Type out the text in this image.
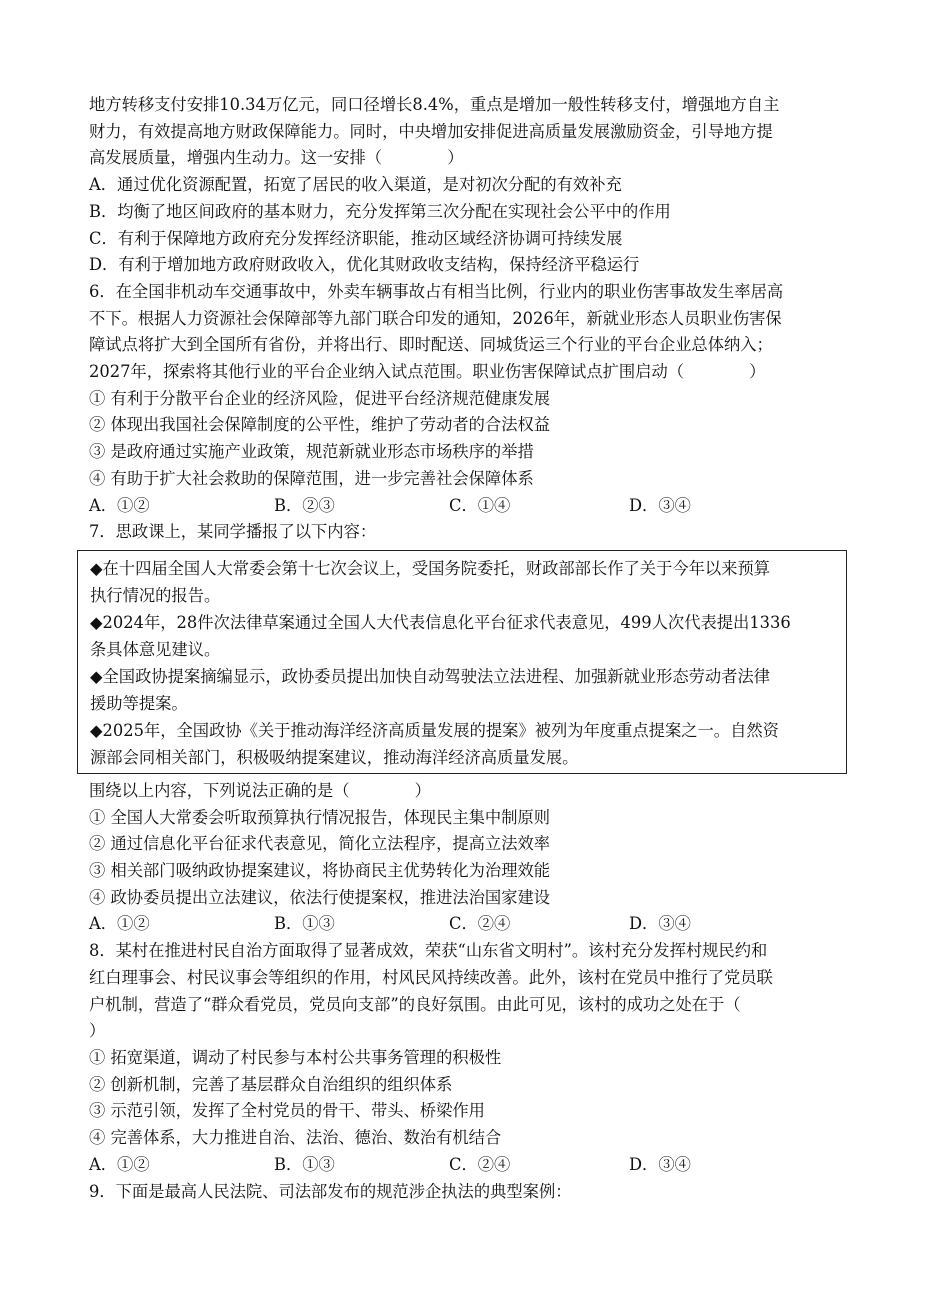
地方转移支付安排10.34万亿元，同口径增长8.4%，重点是增加一般性转移支付，增强地方自主

财力，有效提高地方财政保障能力。同时，中央增加安排促进高质量发展激励资金，引导地方提

高发展质量，增强内生动力。这一安排（　　　　）

A．通过优化资源配置，拓宽了居民的收入渠道，是对初次分配的有效补充

B．均衡了地区间政府的基本财力，充分发挥第三次分配在实现社会公平中的作用

C．有利于保障地方政府充分发挥经济职能，推动区域经济协调可持续发展

D．有利于增加地方政府财政收入，优化其财政收支结构，保持经济平稳运行

6．在全国非机动车交通事故中，外卖车辆事故占有相当比例，行业内的职业伤害事故发生率居高

不下。根据人力资源社会保障部等九部门联合印发的通知，2026年，新就业形态人员职业伤害保

障试点将扩大到全国所有省份，并将出行、即时配送、同城货运三个行业的平台企业总体纳入；

2027年，探索将其他行业的平台企业纳入试点范围。职业伤害保障试点扩围启动（　　　　）

① 有利于分散平台企业的经济风险，促进平台经济规范健康发展

② 体现出我国社会保障制度的公平性，维护了劳动者的合法权益

③ 是政府通过实施产业政策，规范新就业形态市场秩序的举措

④ 有助于扩大社会救助的保障范围，进一步完善社会保障体系

A．①②	B．②③	C．①④	D．③④

7．思政课上，某同学播报了以下内容：

◆在十四届全国人大常委会第十七次会议上，受国务院委托，财政部部长作了关于今年以来预算

执行情况的报告。

◆2024年，28件次法律草案通过全国人大代表信息化平台征求代表意见，499人次代表提出1336

条具体意见建议。

◆全国政协提案摘编显示，政协委员提出加快自动驾驶法立法进程、加强新就业形态劳动者法律

援助等提案。

◆2025年，全国政协《关于推动海洋经济高质量发展的提案》被列为年度重点提案之一。自然资

源部会同相关部门，积极吸纳提案建议，推动海洋经济高质量发展。

围绕以上内容，下列说法正确的是（　　　　）

① 全国人大常委会听取预算执行情况报告，体现民主集中制原则

② 通过信息化平台征求代表意见，简化立法程序，提高立法效率

③ 相关部门吸纳政协提案建议，将协商民主优势转化为治理效能

④ 政协委员提出立法建议，依法行使提案权，推进法治国家建设

A．①②	B．①③	C．②④	D．③④

8．某村在推进村民自治方面取得了显著成效，荣获“山东省文明村”。该村充分发挥村规民约和

红白理事会、村民议事会等组织的作用，村风民风持续改善。此外，该村在党员中推行了党员联

户机制，营造了“群众看党员，党员向支部”的良好氛围。由此可见，该村的成功之处在于（

）

① 拓宽渠道，调动了村民参与本村公共事务管理的积极性

② 创新机制，完善了基层群众自治组织的组织体系

③ 示范引领，发挥了全村党员的骨干、带头、桥梁作用

④ 完善体系，大力推进自治、法治、德治、数治有机结合

A．①②	B．①③	C．②④	D．③④

9．下面是最高人民法院、司法部发布的规范涉企执法的典型案例：
